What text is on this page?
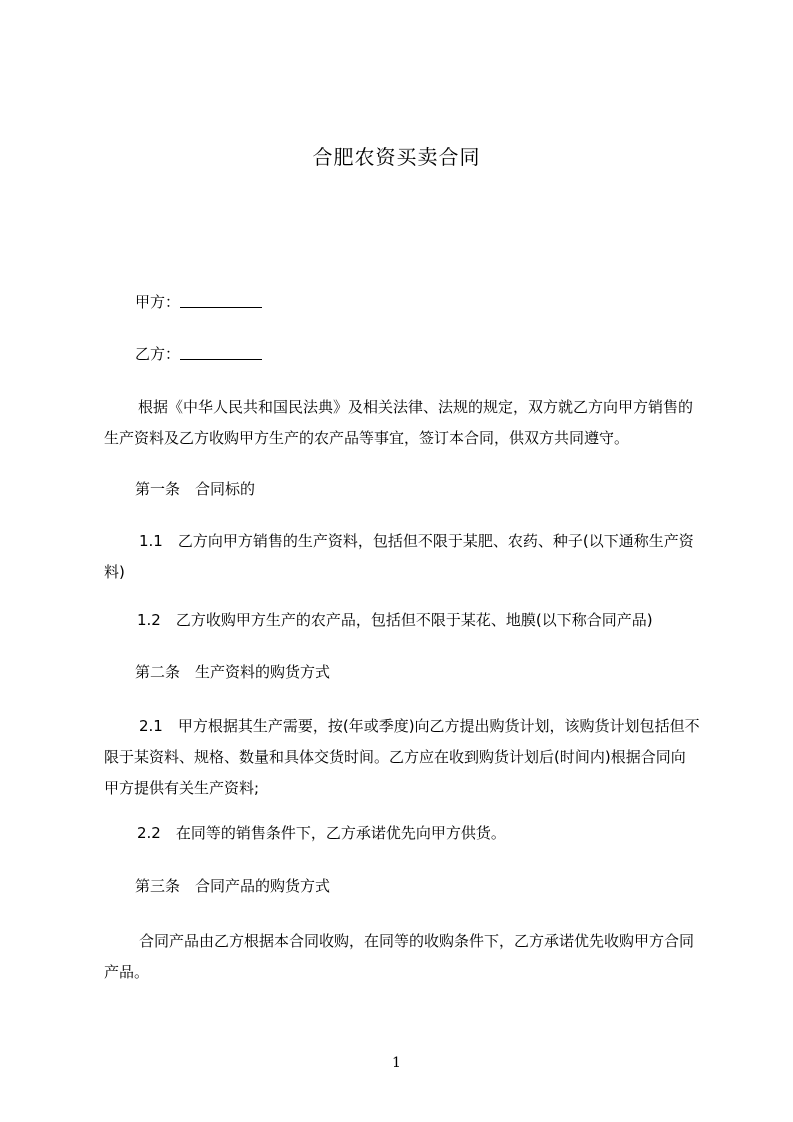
合肥农资买卖合同
甲方：
乙方：
根据《中华人民共和国民法典》及相关法律、法规的规定，双方就乙方向甲方销售的生产资料及乙方收购甲方生产的农产品等事宜，签订本合同，供双方共同遵守。
第一条　合同标的
1.1　乙方向甲方销售的生产资料，包括但不限于某肥、农药、种子(以下通称生产资料)
1.2　乙方收购甲方生产的农产品，包括但不限于某花、地膜(以下称合同产品)
第二条　生产资料的购货方式
2.1　甲方根据其生产需要，按(年或季度)向乙方提出购货计划，该购货计划包括但不限于某资料、规格、数量和具体交货时间。乙方应在收到购货计划后(时间内)根据合同向甲方提供有关生产资料;
2.2　在同等的销售条件下，乙方承诺优先向甲方供货。
第三条　合同产品的购货方式
合同产品由乙方根据本合同收购，在同等的收购条件下，乙方承诺优先收购甲方合同产品。
1
